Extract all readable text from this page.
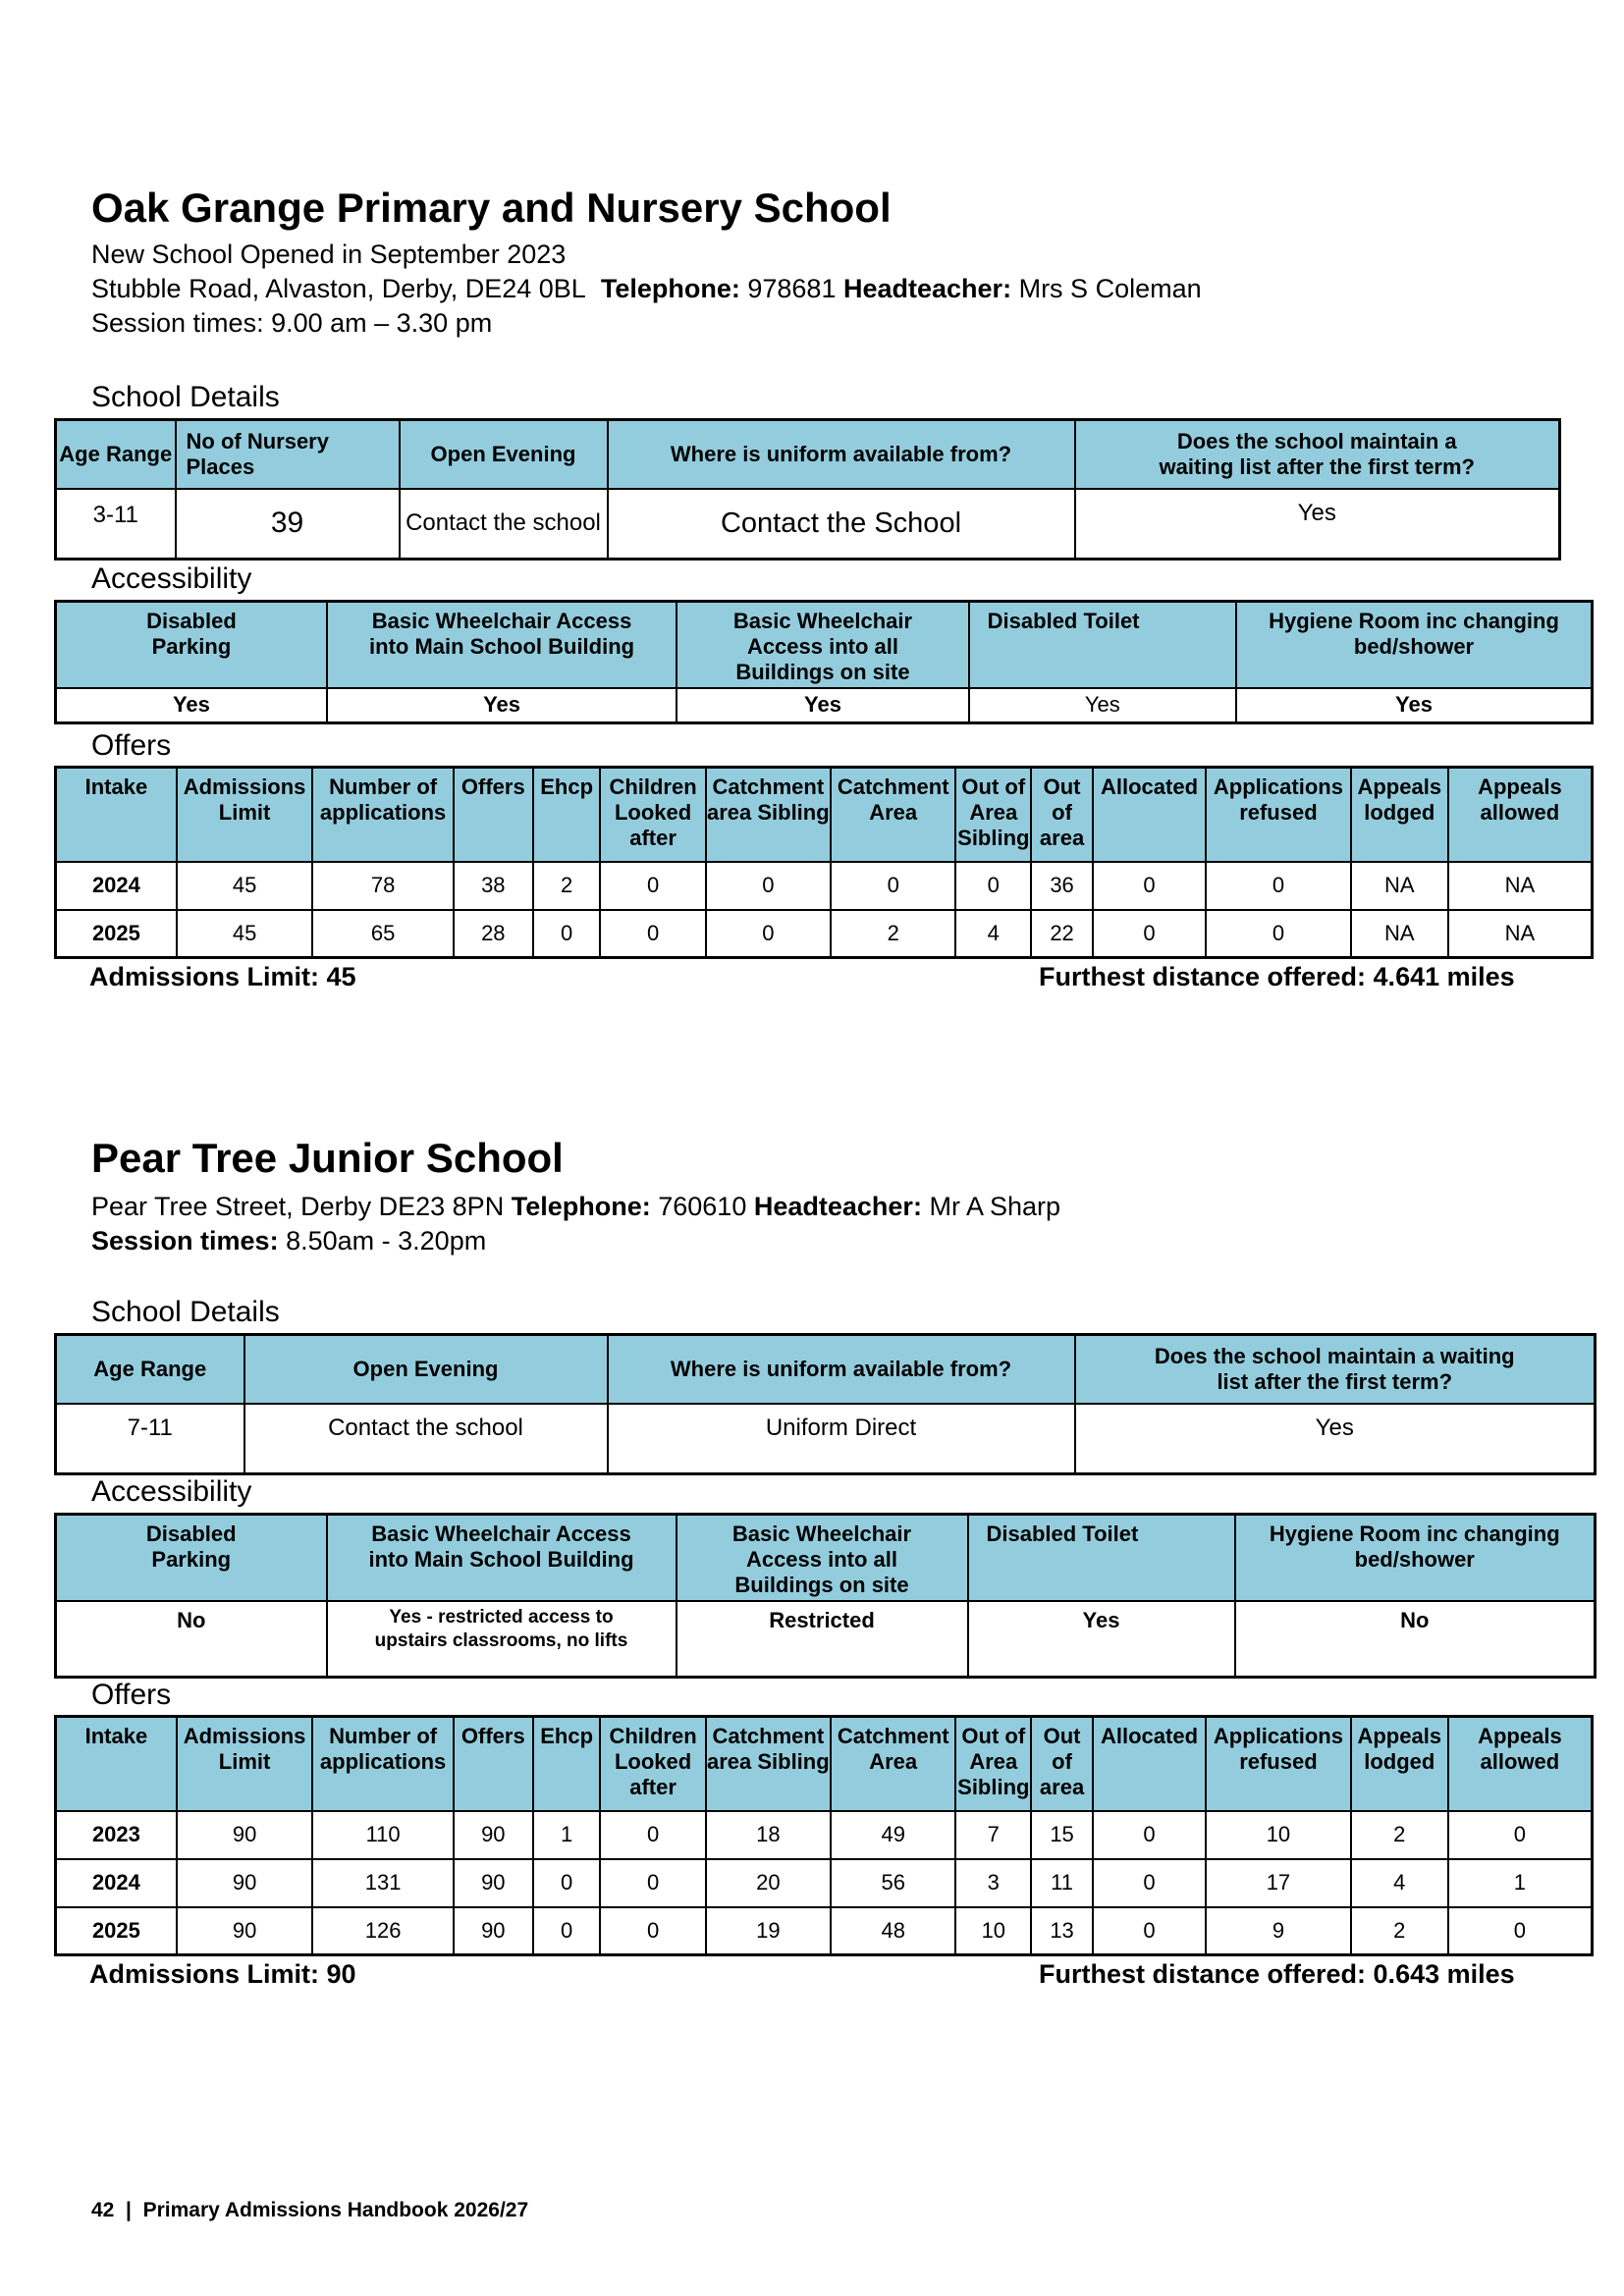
Oak Grange Primary and Nursery School
New School Opened in September 2023
Stubble Road, Alvaston, Derby, DE24 0BL Telephone: 978681 Headteacher: Mrs S Coleman
Session times: 9.00 am – 3.30 pm
School Details
Age Range	No of Nursery Places	Open Evening	Where is uniform available from?	Does the school maintain a waiting list after the first term?
3-11	39	Contact the school	Contact the School	Yes
Accessibility
Disabled Parking	Basic Wheelchair Access into Main School Building	Basic Wheelchair Access into all Buildings on site	Disabled Toilet	Hygiene Room inc changing bed/shower
Yes	Yes	Yes	Yes	Yes
Offers
Intake	Admissions Limit	Number of applications	Offers	Ehcp	Children Looked after	Catchment area Sibling	Catchment Area	Out of Area Sibling	Out of area	Allocated	Applications refused	Appeals lodged	Appeals allowed
2024	45	78	38	2	0	0	0	0	36	0	0	NA	NA
2025	45	65	28	0	0	0	2	4	22	0	0	NA	NA
Admissions Limit: 45	Furthest distance offered: 4.641 miles
Pear Tree Junior School
Pear Tree Street, Derby DE23 8PN Telephone: 760610 Headteacher: Mr A Sharp
Session times: 8.50am - 3.20pm
School Details
Age Range	Open Evening	Where is uniform available from?	Does the school maintain a waiting list after the first term?
7-11	Contact the school	Uniform Direct	Yes
Accessibility
Disabled Parking	Basic Wheelchair Access into Main School Building	Basic Wheelchair Access into all Buildings on site	Disabled Toilet	Hygiene Room inc changing bed/shower
No	Yes - restricted access to upstairs classrooms, no lifts	Restricted	Yes	No
Offers
Intake	Admissions Limit	Number of applications	Offers	Ehcp	Children Looked after	Catchment area Sibling	Catchment Area	Out of Area Sibling	Out of area	Allocated	Applications refused	Appeals lodged	Appeals allowed
2023	90	110	90	1	0	18	49	7	15	0	10	2	0
2024	90	131	90	0	0	20	56	3	11	0	17	4	1
2025	90	126	90	0	0	19	48	10	13	0	9	2	0
Admissions Limit: 90	Furthest distance offered: 0.643 miles
42 | Primary Admissions Handbook 2026/27
